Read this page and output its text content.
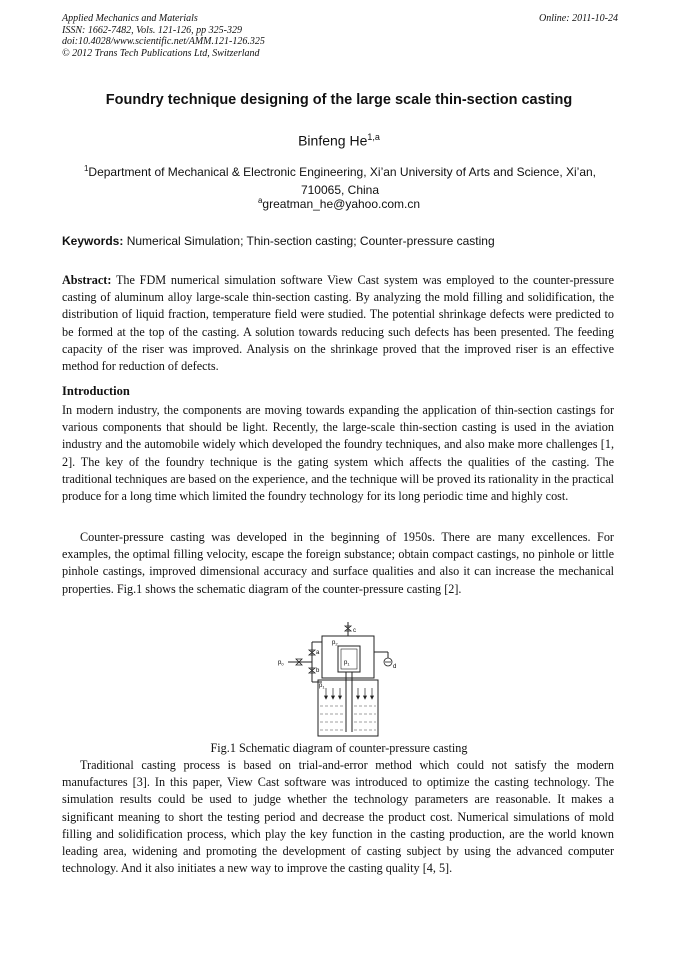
Applied Mechanics and Materials
ISSN: 1662-7482, Vols. 121-126, pp 325-329
doi:10.4028/www.scientific.net/AMM.121-126.325
© 2012 Trans Tech Publications Ltd, Switzerland
Online: 2011-10-24
Foundry technique designing of the large scale thin-section casting
Binfeng He$^{1,a}$
$^1$Department of Mechanical & Electronic Engineering, Xi’an University of Arts and Science, Xi’an,
710065, China
$^a$greatman_he@yahoo.com.cn
Keywords: Numerical Simulation; Thin-section casting; Counter-pressure casting
Abstract: The FDM numerical simulation software View Cast system was employed to the counter-pressure casting of aluminum alloy large-scale thin-section casting. By analyzing the mold filling and solidification, the distribution of liquid fraction, temperature field were studied. The potential shrinkage defects were predicted to be formed at the top of the casting. A solution towards reducing such defects has been presented. The feeding capacity of the riser was improved. Analysis on the shrinkage proved that the improved riser is an effective method for reduction of defects.
Introduction
In modern industry, the components are moving towards expanding the application of thin-section castings for various components that should be light. Recently, the large-scale thin-section casting is used in the aviation industry and the automobile widely which developed the foundry techniques, and also make more challenges [1, 2]. The key of the foundry technique is the gating system which affects the qualities of the casting. The traditional techniques are based on the experience, and the technique will be proved its rationality in the practical produce for a long time which limited the foundry technology for its long periodic time and highly cost.
Counter-pressure casting was developed in the beginning of 1950s. There are many excellences. For examples, the optimal filling velocity, escape the foreign substance; obtain compact castings, no pinhole or little pinhole castings, improved dimensional accuracy and surface qualities and also it can increase the mechanical properties. Fig.1 shows the schematic diagram of the counter-pressure casting [2].
c
$p_2$
$p_1$
a
b
$p_0$	d
$p_1$
Fig.1 Schematic diagram of counter-pressure casting
Traditional casting process is based on trial-and-error method which could not satisfy the modern manufactures [3]. In this paper, View Cast software was introduced to optimize the casting technology. The simulation results could be used to judge whether the technology parameters are reasonable. It makes a significant meaning to short the testing period and decrease the product cost. Numerical simulations of mold filling and solidification process, which play the key function in the casting production, are the world known leading area, widening and promoting the development of casting subject by using the advanced computer technology. And it also initiates a new way to improve the casting quality [4, 5].
